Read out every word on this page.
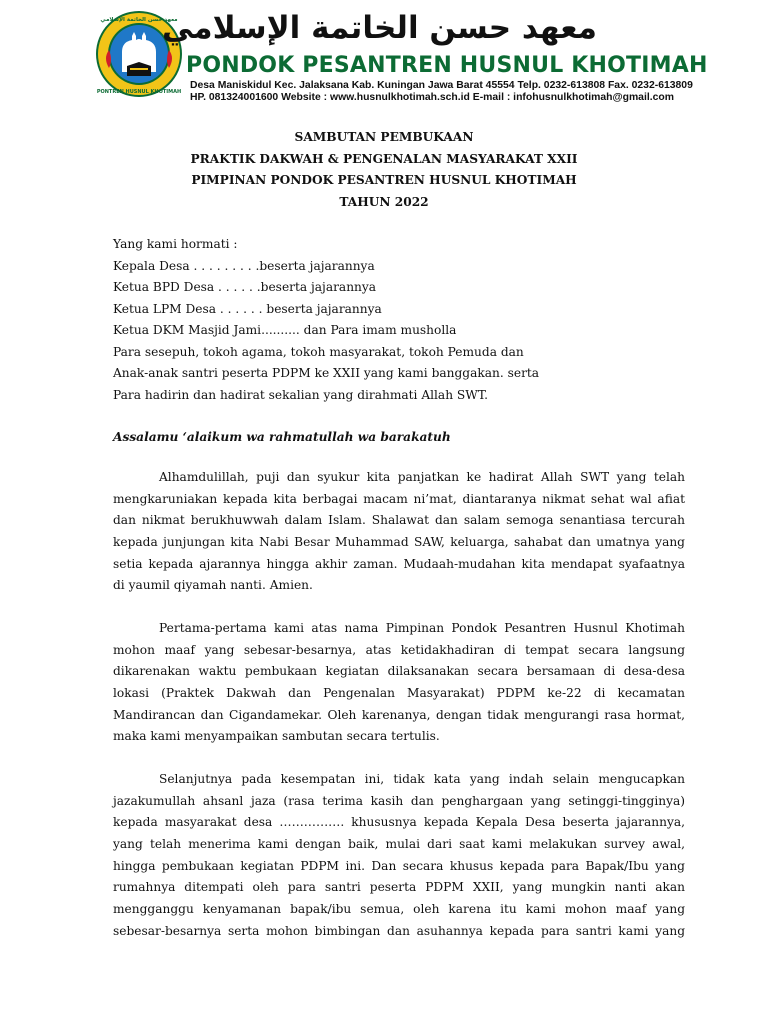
معهد حسن الخاتمة الإسلامي
PONTREN HUSNUL KHOTIMAH
معهد حسن الخاتمة الإسلامي
PONDOK PESANTREN HUSNUL KHOTIMAH
Desa Maniskidul Kec. Jalaksana Kab. Kuningan Jawa Barat 45554 Telp. 0232-613808 Fax. 0232-613809
HP. 081324001600 Website : www.husnulkhotimah.sch.id E-mail : infohusnulkhotimah@gmail.com
SAMBUTAN PEMBUKAAN
PRAKTIK DAKWAH & PENGENALAN MASYARAKAT XXII
PIMPINAN PONDOK PESANTREN HUSNUL KHOTIMAH
TAHUN 2022
Yang kami hormati :
Kepala Desa . . . . . . . . .beserta jajarannya
Ketua BPD Desa . . . . . .beserta jajarannya
Ketua LPM Desa . . . . . . beserta jajarannya
Ketua DKM Masjid Jami.......... dan Para imam musholla
Para sesepuh, tokoh agama, tokoh masyarakat, tokoh Pemuda dan
Anak-anak santri peserta PDPM ke XXII yang kami banggakan. serta
Para hadirin dan hadirat sekalian yang dirahmati Allah SWT.
Assalamu ‘alaikum wa rahmatullah wa barakatuh
Alhamdulillah, puji dan syukur kita panjatkan ke hadirat Allah SWT yang telah
mengkaruniakan kepada kita berbagai macam ni’mat, diantaranya nikmat sehat wal afiat
dan nikmat berukhuwwah dalam Islam. Shalawat dan salam semoga senantiasa tercurah
kepada junjungan kita Nabi Besar Muhammad SAW, keluarga, sahabat dan umatnya yang
setia kepada ajarannya hingga akhir zaman. Mudaah-mudahan kita mendapat syafaatnya
di yaumil qiyamah nanti. Amien.
Pertama-pertama kami atas nama Pimpinan Pondok Pesantren Husnul Khotimah
mohon maaf yang sebesar-besarnya, atas ketidakhadiran di tempat secara langsung
dikarenakan waktu pembukaan kegiatan dilaksanakan secara bersamaan di desa-desa
lokasi (Praktek Dakwah dan Pengenalan Masyarakat) PDPM ke-22 di kecamatan
Mandirancan dan Cigandamekar. Oleh karenanya, dengan tidak mengurangi rasa hormat,
maka kami menyampaikan sambutan secara tertulis.
Selanjutnya pada kesempatan ini, tidak kata yang indah selain mengucapkan
jazakumullah ahsanl jaza (rasa terima kasih dan penghargaan yang setinggi-tingginya)
kepada masyarakat desa ……………. khususnya kepada Kepala Desa beserta jajarannya,
yang telah menerima kami dengan baik, mulai dari saat kami melakukan survey awal,
hingga pembukaan kegiatan PDPM ini. Dan secara khusus kepada para Bapak/Ibu yang
rumahnya ditempati oleh para santri peserta PDPM XXII, yang mungkin nanti akan
mengganggu kenyamanan bapak/ibu semua, oleh karena itu kami mohon maaf yang
sebesar-besarnya serta mohon bimbingan dan asuhannya kepada para santri kami yang
